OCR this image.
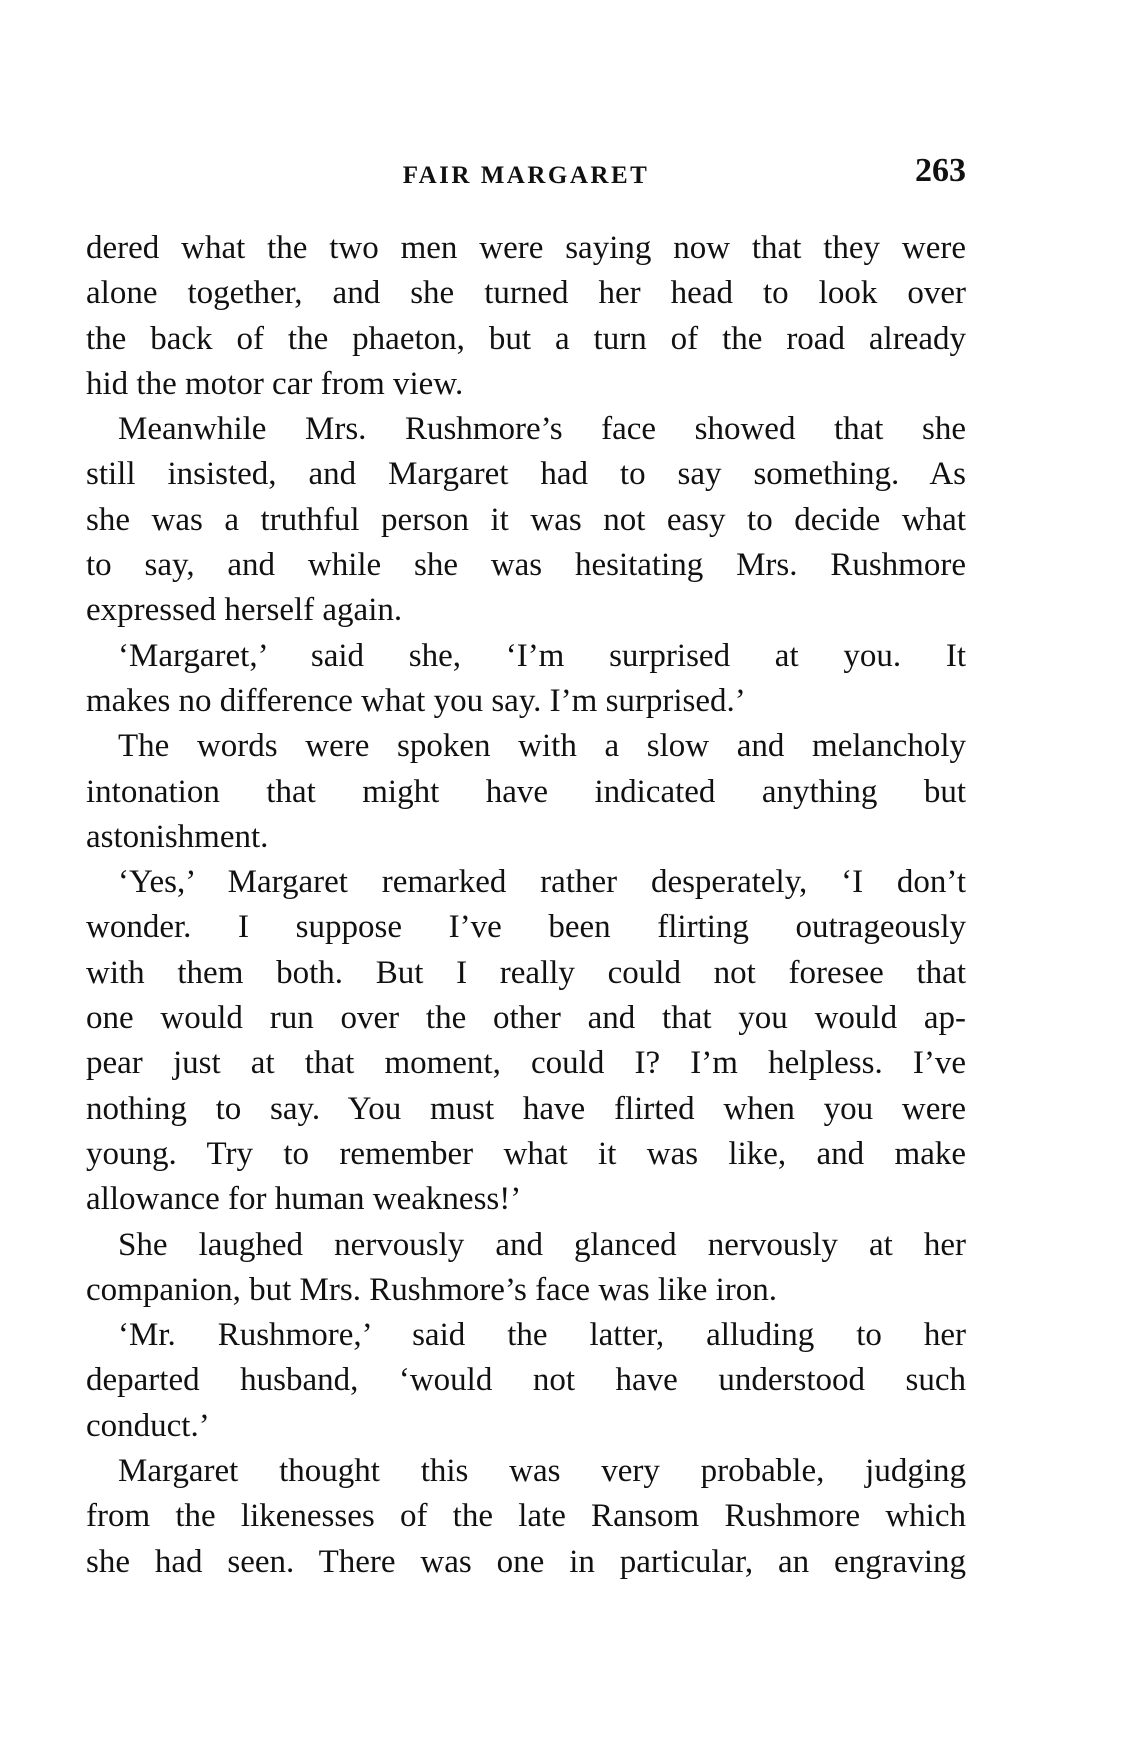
FAIR MARGARET	263

dered what the two men were saying now that they were
alone together, and she turned her head to look over
the back of the phaeton, but a turn of the road already
hid the motor car from view.

Meanwhile Mrs. Rushmore’s face showed that she
still insisted, and Margaret had to say something. As
she was a truthful person it was not easy to decide what
to say, and while she was hesitating Mrs. Rushmore
expressed herself again.

‘Margaret,’ said she, ‘I’m surprised at you. It
makes no difference what you say. I’m surprised.’

The words were spoken with a slow and melancholy
intonation that might have indicated anything but
astonishment.

‘Yes,’ Margaret remarked rather desperately, ‘I don’t
wonder. I suppose I’ve been flirting outrageously
with them both. But I really could not foresee that
one would run over the other and that you would ap-
pear just at that moment, could I? I’m helpless. I’ve
nothing to say. You must have flirted when you were
young. Try to remember what it was like, and make
allowance for human weakness!’

She laughed nervously and glanced nervously at her
companion, but Mrs. Rushmore’s face was like iron.

‘Mr. Rushmore,’ said the latter, alluding to her
departed husband, ‘would not have understood such
conduct.’

Margaret thought this was very probable, judging
from the likenesses of the late Ransom Rushmore which
she had seen. There was one in particular, an engraving
